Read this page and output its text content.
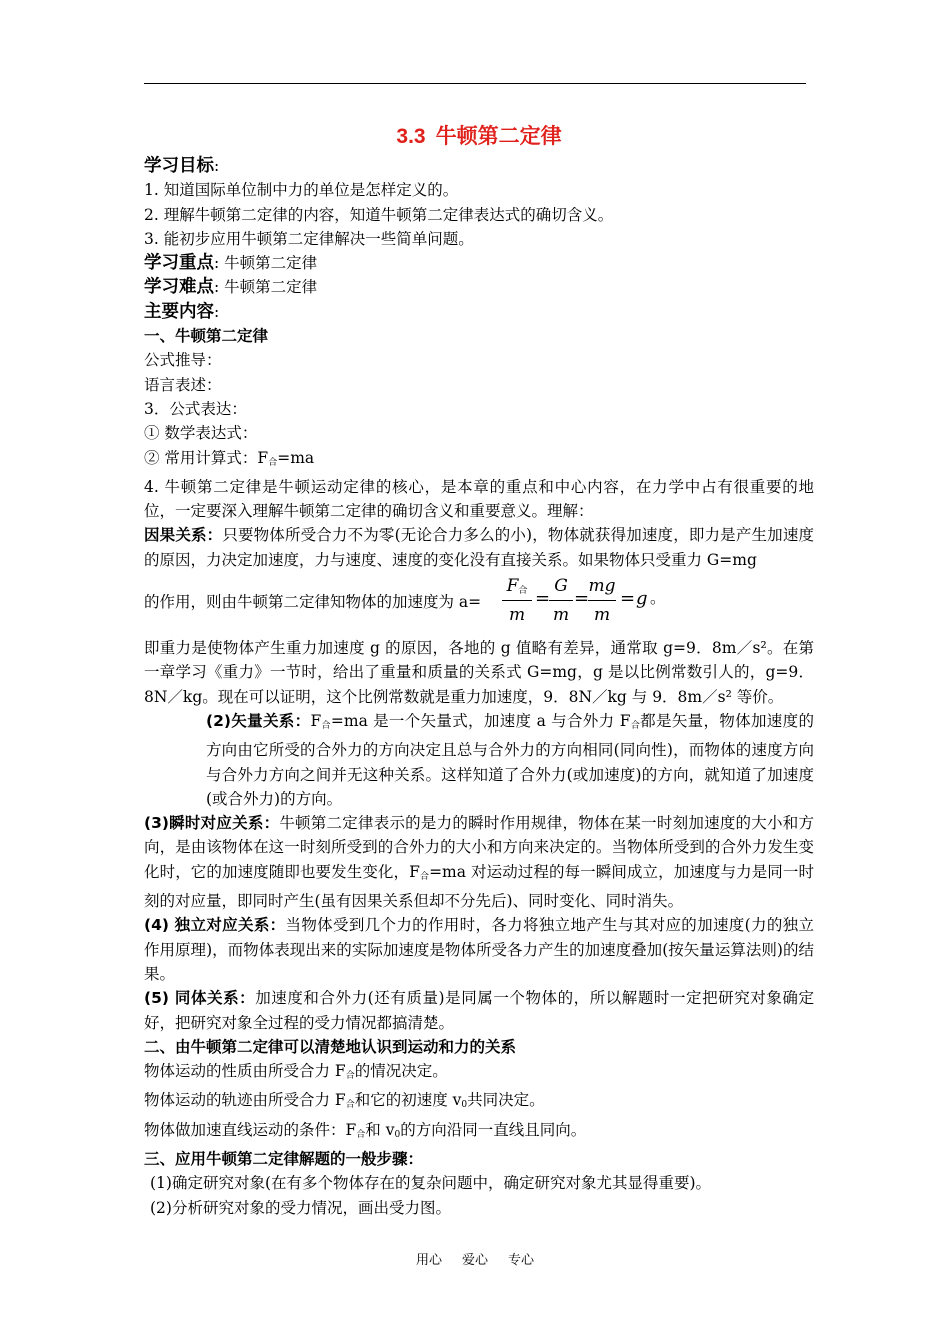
3.3 牛顿第二定律
学习目标:
1. 知道国际单位制中力的单位是怎样定义的。
2. 理解牛顿第二定律的内容，知道牛顿第二定律表达式的确切含义。
3. 能初步应用牛顿第二定律解决一些简单问题。
学习重点: 牛顿第二定律
学习难点: 牛顿第二定律
主要内容:
一、牛顿第二定律
公式推导：
语言表述：
3．公式表达：
① 数学表达式：
② 常用计算式：$F_合=ma$
4. 牛顿第二定律是牛顿运动定律的核心，是本章的重点和中心内容，在力学中占有很重要的地位，一定要深入理解牛顿第二定律的确切含义和重要意义。理解：
因果关系：只要物体所受合力不为零(无论合力多么的小)，物体就获得加速度，即力是产生加速度的原因，力决定加速度，力与速度、速度的变化没有直接关系。如果物体只受重力 G=mg
的作用，则由牛顿第二定律知物体的加速度为 a=
$F_合$
m
=
G
m
=
mg
m
= g 。
即重力是使物体产生重力加速度 g 的原因，各地的 g 值略有差异，通常取 g=9．8m／s²。在第一章学习《重力》一节时，给出了重量和质量的关系式 G=mg，g 是以比例常数引人的，g=9．8N／kg。现在可以证明，这个比例常数就是重力加速度，9．8N／kg 与 9．8m／s² 等价。
(2)矢量关系：$F_合=ma$ 是一个矢量式，加速度 a 与合外力 $F_合$都是矢量，物体加速度的方向由它所受的合外力的方向决定且总与合外力的方向相同(同向性)，而物体的速度方向与合外力方向之间并无这种关系。这样知道了合外力(或加速度)的方向，就知道了加速度(或合外力)的方向。
(3)瞬时对应关系：牛顿第二定律表示的是力的瞬时作用规律，物体在某一时刻加速度的大小和方向，是由该物体在这一时刻所受到的合外力的大小和方向来决定的。当物体所受到的合外力发生变化时，它的加速度随即也要发生变化，$F_合=ma$ 对运动过程的每一瞬间成立，加速度与力是同一时刻的对应量，即同时产生(虽有因果关系但却不分先后)、同时变化、同时消失。
(4) 独立对应关系：当物体受到几个力的作用时，各力将独立地产生与其对应的加速度(力的独立作用原理)，而物体表现出来的实际加速度是物体所受各力产生的加速度叠加(按矢量运算法则)的结果。
(5) 同体关系：加速度和合外力(还有质量)是同属一个物体的，所以解题时一定把研究对象确定好，把研究对象全过程的受力情况都搞清楚。
二、由牛顿第二定律可以清楚地认识到运动和力的关系
物体运动的性质由所受合力 $F_合$的情况决定。
物体运动的轨迹由所受合力 $F_合$和它的初速度 $v_0$共同决定。
物体做加速直线运动的条件：$F_合$和 $v_0$的方向沿同一直线且同向。
三、应用牛顿第二定律解题的一般步骤：
(1)确定研究对象(在有多个物体存在的复杂问题中，确定研究对象尤其显得重要)。
(2)分析研究对象的受力情况，画出受力图。
用心 爱心 专心
